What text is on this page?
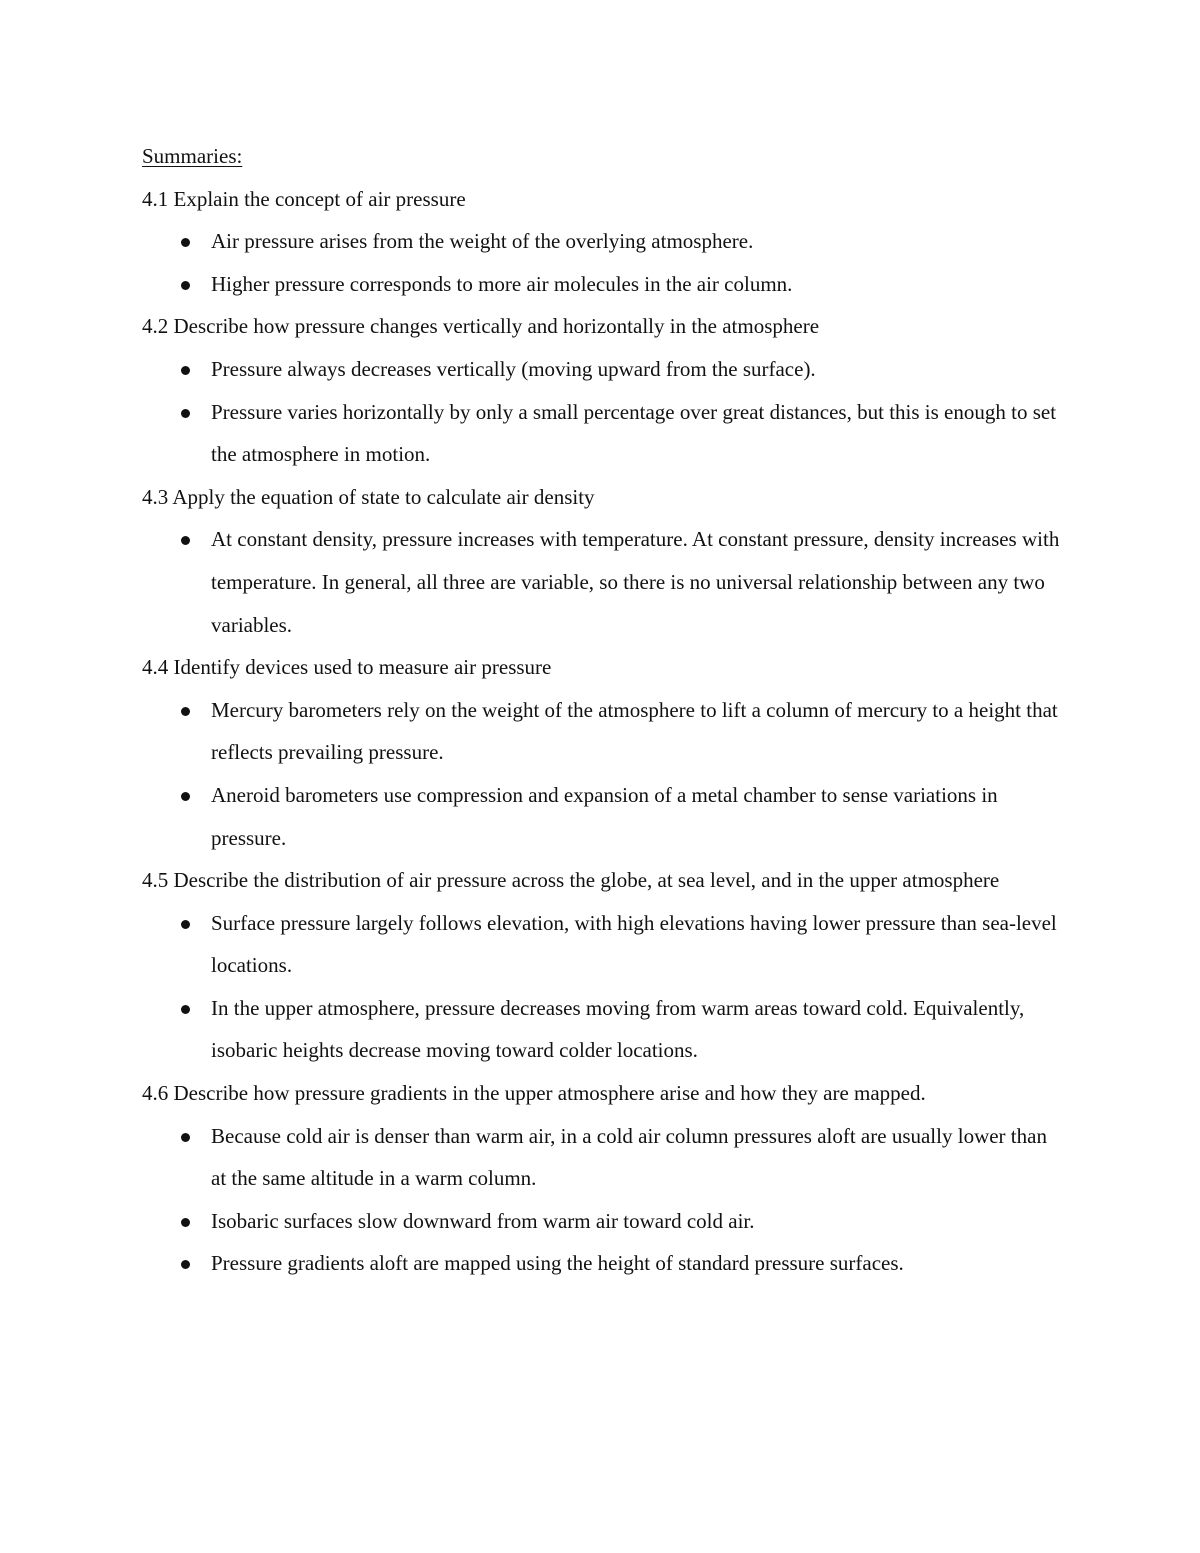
Summaries:

4.1 Explain the concept of air pressure

Air pressure arises from the weight of the overlying atmosphere.
Higher pressure corresponds to more air molecules in the air column.

4.2 Describe how pressure changes vertically and horizontally in the atmosphere

Pressure always decreases vertically (moving upward from the surface).
Pressure varies horizontally by only a small percentage over great distances, but this is enough to set the atmosphere in motion.

4.3 Apply the equation of state to calculate air density

At constant density, pressure increases with temperature. At constant pressure, density increases with temperature. In general, all three are variable, so there is no universal relationship between any two variables.

4.4 Identify devices used to measure air pressure

Mercury barometers rely on the weight of the atmosphere to lift a column of mercury to a height that reflects prevailing pressure.
Aneroid barometers use compression and expansion of a metal chamber to sense variations in pressure.

4.5 Describe the distribution of air pressure across the globe, at sea level, and in the upper atmosphere

Surface pressure largely follows elevation, with high elevations having lower pressure than sea-level locations.
In the upper atmosphere, pressure decreases moving from warm areas toward cold. Equivalently, isobaric heights decrease moving toward colder locations.

4.6 Describe how pressure gradients in the upper atmosphere arise and how they are mapped.

Because cold air is denser than warm air, in a cold air column pressures aloft are usually lower than at the same altitude in a warm column.
Isobaric surfaces slow downward from warm air toward cold air.
Pressure gradients aloft are mapped using the height of standard pressure surfaces.
